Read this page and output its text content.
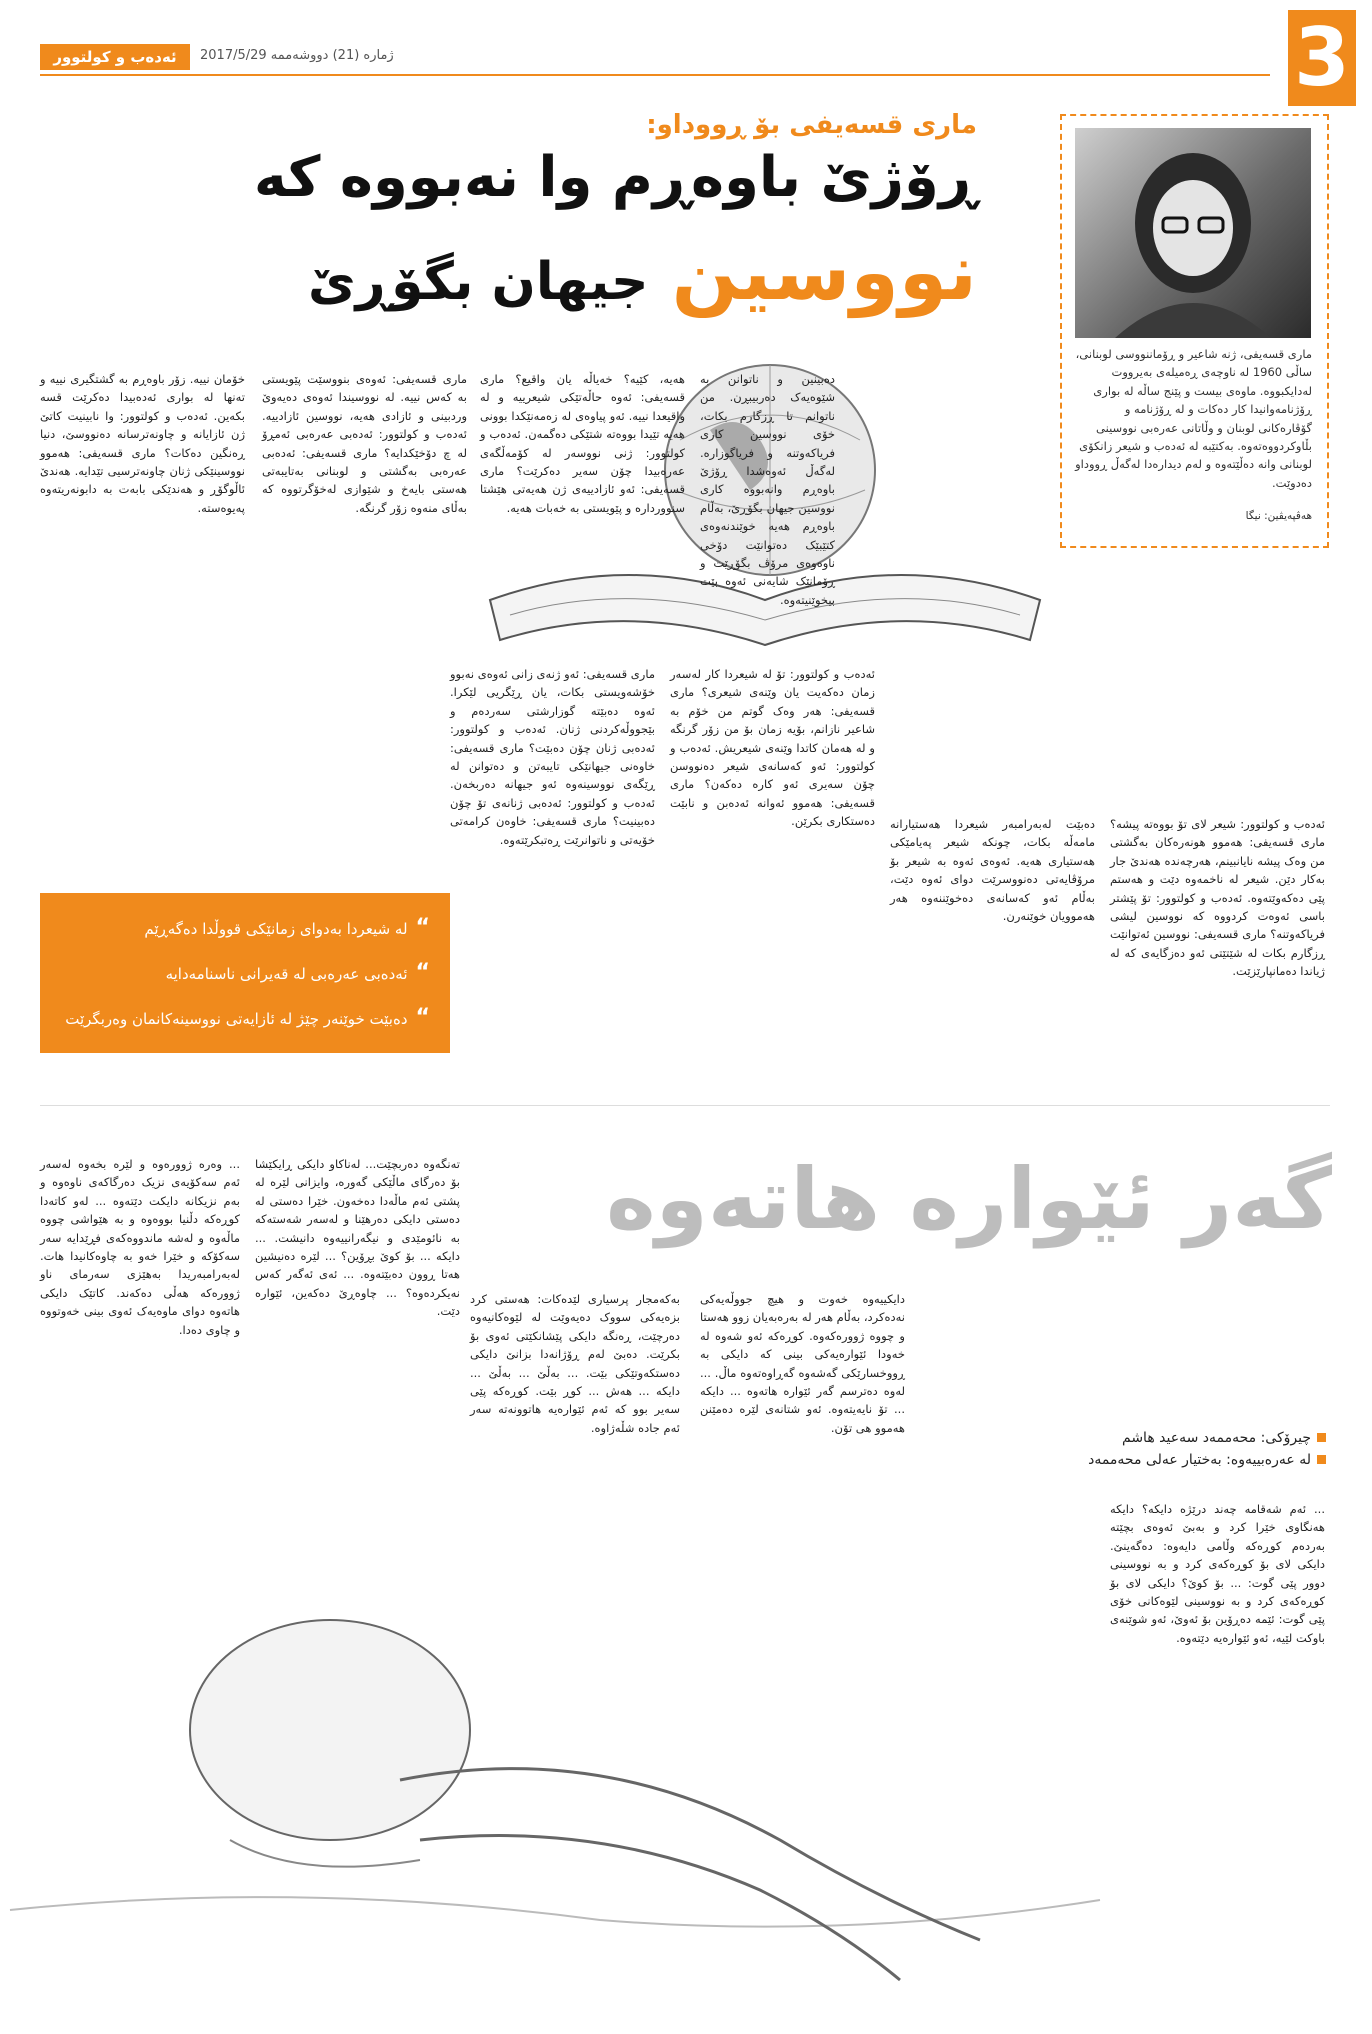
ئەدەب و کولتوور	ژمارە (21) دووشەممە 2017/5/29	3
ماری قسەیفی بۆ ڕووداو:
ڕۆژێ باوەڕم وا نەبووە کە
نووسین جیهان بگۆڕێ
ماری قسەیفی، ژنە شاعیر و ڕۆماننووسی لوبنانی، ساڵی 1960 لە ناوچەی ڕەمیلەی بەیرووت لەدایکبووە. ماوەی بیست و پێنج ساڵە لە بواری ڕۆژنامەوانیدا کار دەکات و لە ڕۆژنامە و گۆڤارەکانی لوبنان و وڵاتانی عەرەبی نووسینی بڵاوکردووەتەوە. بەکتێبە لە ئەدەب و شیعر زانکۆی لوبنانی وانە دەڵێتەوە و لەم دیدارەدا لەگەڵ ڕووداو دەدوێت.
هەڤپەیڤین: نیگا
دەبینین و ناتوانن بە شێوەیەک دەربیبڕن. من ناتوانم تا ڕزگارم بکات، خۆی نووسین کاری فریاکەوتنە و فریاگوزارە. لەگەڵ ئەوەشدا ڕۆژێ باوەڕم وانەبووە کاری نووسین جیهان بگۆڕێ، بەڵام باوەڕم هەیە خوێندنەوەی کتێبێک دەتوانێت دۆخی ناوەوەی مرۆڤ بگۆڕێت و ڕۆمانێک شایەنی ئەوە بێت بیخوێنیتەوە.
هەیە، کێیە؟ خەیاڵە یان واقیع؟ ماری قسەیفی: ئەوە حاڵەتێکی شیعرییە و لە واقیعدا نییە. ئەو پیاوەی لە زەمەنێکدا بوونی هەیە تێیدا بووەتە شتێکی دەگمەن. ئەدەب و کولتوور: ژنی نووسەر لە کۆمەڵگەی عەرەبیدا چۆن سەیر دەکرێت؟ ماری قسەیفی: ئەو ئازادییەی ژن هەیەتی هێشتا سنووردارە و پێویستی بە خەبات هەیە.
ماری قسەیفی: ئەوەی بنووسێت پێویستی بە کەس نییە. لە نووسیندا ئەوەی دەیەوێ وردبینی و ئازادی هەیە، نووسین ئازادییە. ئەدەب و کولتوور: ئەدەبی عەرەبی ئەمڕۆ لە چ دۆخێکدایە؟ ماری قسەیفی: ئەدەبی عەرەبی بەگشتی و لوبنانی بەتایبەتی هەستی بایەخ و شێوازی لەخۆگرتووە کە بەڵای منەوە زۆر گرنگە.
خۆمان نییە. زۆر باوەڕم بە گشتگیری نییە و تەنها لە بواری ئەدەبیدا دەکرێت قسە بکەین. ئەدەب و کولتوور: وا نابینیت کاتێ ژن ئازایانە و چاونەترسانە دەنووسێ، دنیا ڕەنگین دەکات؟ ماری قسەیفی: هەموو نووسینێکی ژنان چاونەترسیی تێدایە. هەندێ ئاڵوگۆڕ و هەندێکی بابەت بە دابونەریتەوە پەیوەستە.
ئەدەب و کولتوور: شیعر لای تۆ بووەتە پیشە؟ ماری قسەیفی: هەموو هونەرەکان بەگشتی من وەک پیشە نایانبینم، هەرچەندە هەندێ جار بەکار دێن. شیعر لە ناخمەوە دێت و هەستم پێی دەکەوێتەوە. ئەدەب و کولتوور: تۆ پێشتر باسی ئەوەت کردووە کە نووسین لیشی فریاکەوتنە؟ ماری قسەیفی: نووسین ئەتوانێت ڕزگارم بکات لە شێتێتی ئەو دەزگایەی کە لە ژیاندا دەمانپارێزێت.
دەبێت لەبەرامبەر شیعردا هەستیارانە مامەڵە بکات، چونکە شیعر پەیامێکی هەستیاری هەیە. ئەوەی ئەوە بە شیعر بۆ مرۆڤایەتی دەنووسرێت دوای ئەوە دێت، بەڵام ئەو کەسانەی دەخوێننەوە هەر هەموویان خوێنەرن.
ئەدەب و کولتوور: تۆ لە شیعردا کار لەسەر زمان دەکەیت یان وێنەی شیعری؟ ماری قسەیفی: هەر وەک گوتم من خۆم بە شاعیر نازانم، بۆیە زمان بۆ من زۆر گرنگە و لە هەمان کاتدا وێنەی شیعریش. ئەدەب و کولتوور: ئەو کەسانەی شیعر دەنووسن چۆن سەیری ئەو کارە دەکەن؟ ماری قسەیفی: هەموو ئەوانە ئەدەبن و نابێت دەستکاری بکرێن.
ماری قسەیفی: ئەو ژنەی زانی ئەوەی نەبوو خۆشەویستی بکات، یان ڕێگریی لێکرا. ئەوە دەبێتە گوزارشتی سەردەم و بێجووڵەکردنی ژنان. ئەدەب و کولتوور: ئەدەبی ژنان چۆن دەبێت؟ ماری قسەیفی: خاوەنی جیهانێکی تایبەتن و دەتوانن لە ڕێگەی نووسینەوە ئەو جیهانە دەربخەن. ئەدەب و کولتوور: ئەدەبی ژنانەی تۆ چۆن دەبینیت؟ ماری قسەیفی: خاوەن کرامەتی خۆیەتی و ناتوانرێت ڕەتبکرێتەوە.
“لە شیعردا بەدوای زمانێکی قووڵدا دەگەڕێم
“ئەدەبی عەرەبی لە قەیرانی ناسنامەدایە
“دەبێت خوێنەر چێژ لە ئازایەتی نووسینەکانمان وەربگرێت
گەر ئێوارە هاتەوە
چیرۆکی: محەممەد سەعید هاشم
لە عەرەبییەوە: بەختیار عەلی محەممەد
... ئەم شەقامە چەند درێژە دایکە؟ دایکە هەنگاوی خێرا کرد و بەبێ ئەوەی بچێتە بەردەم کوڕەکە وڵامی دایەوە: دەگەینێ. دایکی لای بۆ کوڕەکەی کرد و بە نووسینی دوور پێی گوت: ... بۆ کوێ؟ دایکی لای بۆ کوڕەکەی کرد و بە نووسینی لێوەکانی خۆی پێی گوت: ئێمە دەڕۆین بۆ ئەوێ، ئەو شوێنەی باوکت لێیە، ئەو ئێوارەیە دێتەوە.
دایکییەوە خەوت و هیچ جووڵەیەکی نەدەکرد، بەڵام هەر لە بەرەبەیان زوو هەستا و چووە ژوورەکەوە. کوڕەکە ئەو شەوە لە خەودا ئێوارەیەکی بینی کە دایکی بە ڕووخسارێکی گەشەوە گەڕاوەتەوە ماڵ. ... لەوە دەترسم گەر ئێوارە هاتەوە ... دایکە ... تۆ نایەیتەوە. ئەو شتانەی لێرە دەمێنن هەموو هی تۆن.
بەکەمجار پرسیاری لێدەکات: هەستی کرد بزەیەکی سووک دەیەوێت لە لێوەکانیەوە دەرچێت، ڕەنگە دایکی پێشانکێتی ئەوی بۆ بکرێت. دەبێ لەم ڕۆژانەدا بزانێ دایکی دەستکەوتێکی بێت. ... بەڵێ ... بەڵێ ... دایکە ... هەش ... کوڕ بێت. کوڕەکە پێی سەیر بوو کە ئەم ئێوارەیە هاتوونەتە سەر ئەم جادە شڵەژاوە.
تەنگەوە دەربچێت... لەناکاو دایکی ڕایکێشا بۆ دەرگای ماڵێکی گەورە، وایزانی لێرە لە پشتی ئەم ماڵەدا دەخەون. خێرا دەستی لە دەستی دایکی دەرهێنا و لەسەر شەستەکە بە نائومێدی و نیگەرانییەوە دانیشت. ... دایکە ... بۆ کوێ بڕۆین؟ ... لێرە دەنیشین هەتا ڕوون دەبێتەوە. ... ئەی ئەگەر کەس نەیکردەوە؟ ... چاوەڕێ دەکەین، ئێوارە دێت.
... وەرە ژوورەوە و لێرە بخەوە لەسەر ئەم سەکۆیەی نزیک دەرگاکەی ناوەوە و بەم نزیکانە دایکت دێتەوە ... لەو کاتەدا کوڕەکە دڵنیا بووەوە و بە هێواشی چووە ماڵەوە و لەشە ماندووەکەی فڕێدایە سەر سەکۆکە و خێرا خەو بە چاوەکانیدا هات. لەبەرامبەریدا بەهێزی سەرمای ناو ژوورەکە هەڵی دەکەند. کاتێک دایکی هاتەوە دوای ماوەیەک ئەوی بینی خەوتووە و چاوی دەدا.
